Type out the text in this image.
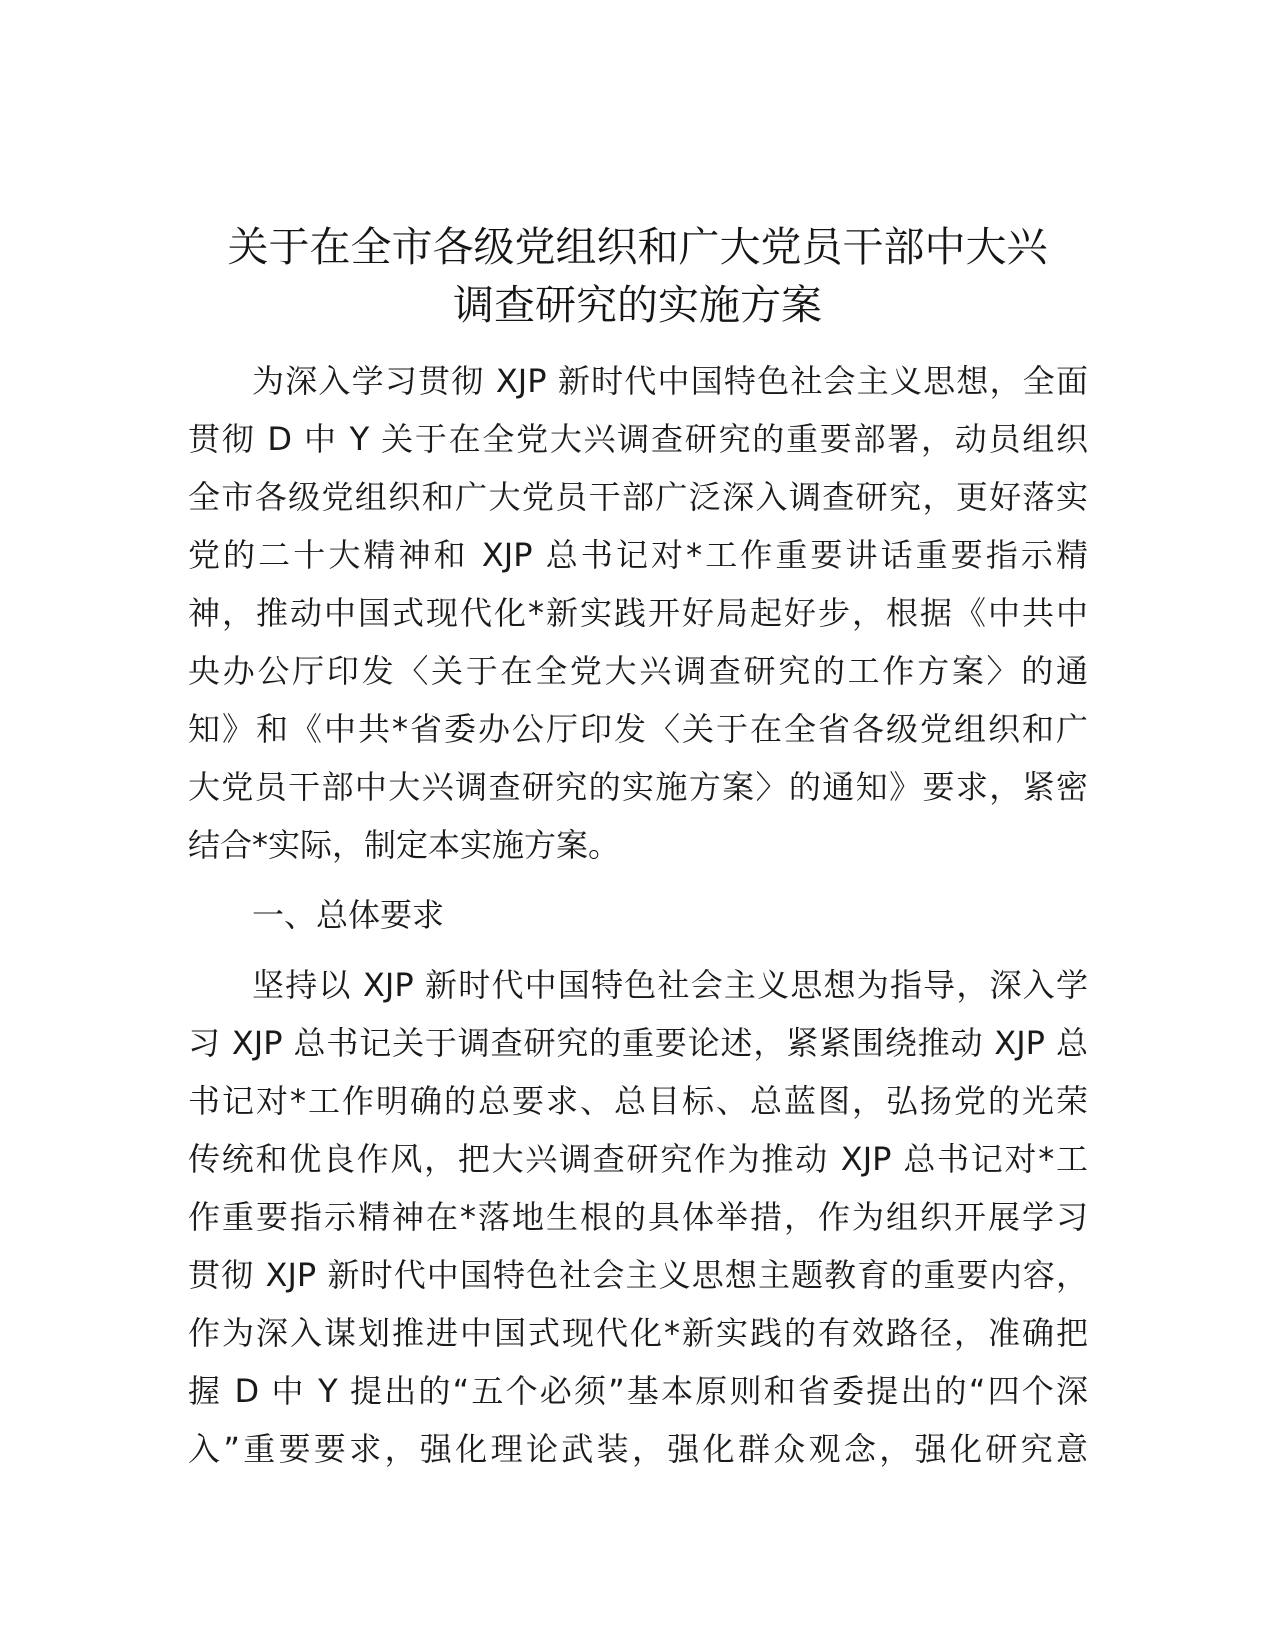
关于在全市各级党组织和广大党员干部中大兴
调查研究的实施方案
为深入学习贯彻 XJP 新时代中国特色社会主义思想，全面
贯彻 D 中 Y 关于在全党大兴调查研究的重要部署，动员组织
全市各级党组织和广大党员干部广泛深入调查研究，更好落实
党的二十大精神和 XJP 总书记对*工作重要讲话重要指示精
神，推动中国式现代化*新实践开好局起好步，根据《中共中
央办公厅印发〈关于在全党大兴调查研究的工作方案〉的通
知》和《中共*省委办公厅印发〈关于在全省各级党组织和广
大党员干部中大兴调查研究的实施方案〉的通知》要求，紧密
结合*实际，制定本实施方案。
一、总体要求
坚持以 XJP 新时代中国特色社会主义思想为指导，深入学
习 XJP 总书记关于调查研究的重要论述，紧紧围绕推动 XJP 总
书记对*工作明确的总要求、总目标、总蓝图，弘扬党的光荣
传统和优良作风，把大兴调查研究作为推动 XJP 总书记对*工
作重要指示精神在*落地生根的具体举措，作为组织开展学习
贯彻 XJP 新时代中国特色社会主义思想主题教育的重要内容，
作为深入谋划推进中国式现代化*新实践的有效路径，准确把
握 D 中 Y 提出的“五个必须”基本原则和省委提出的“四个深
入”重要要求，强化理论武装，强化群众观念，强化研究意
